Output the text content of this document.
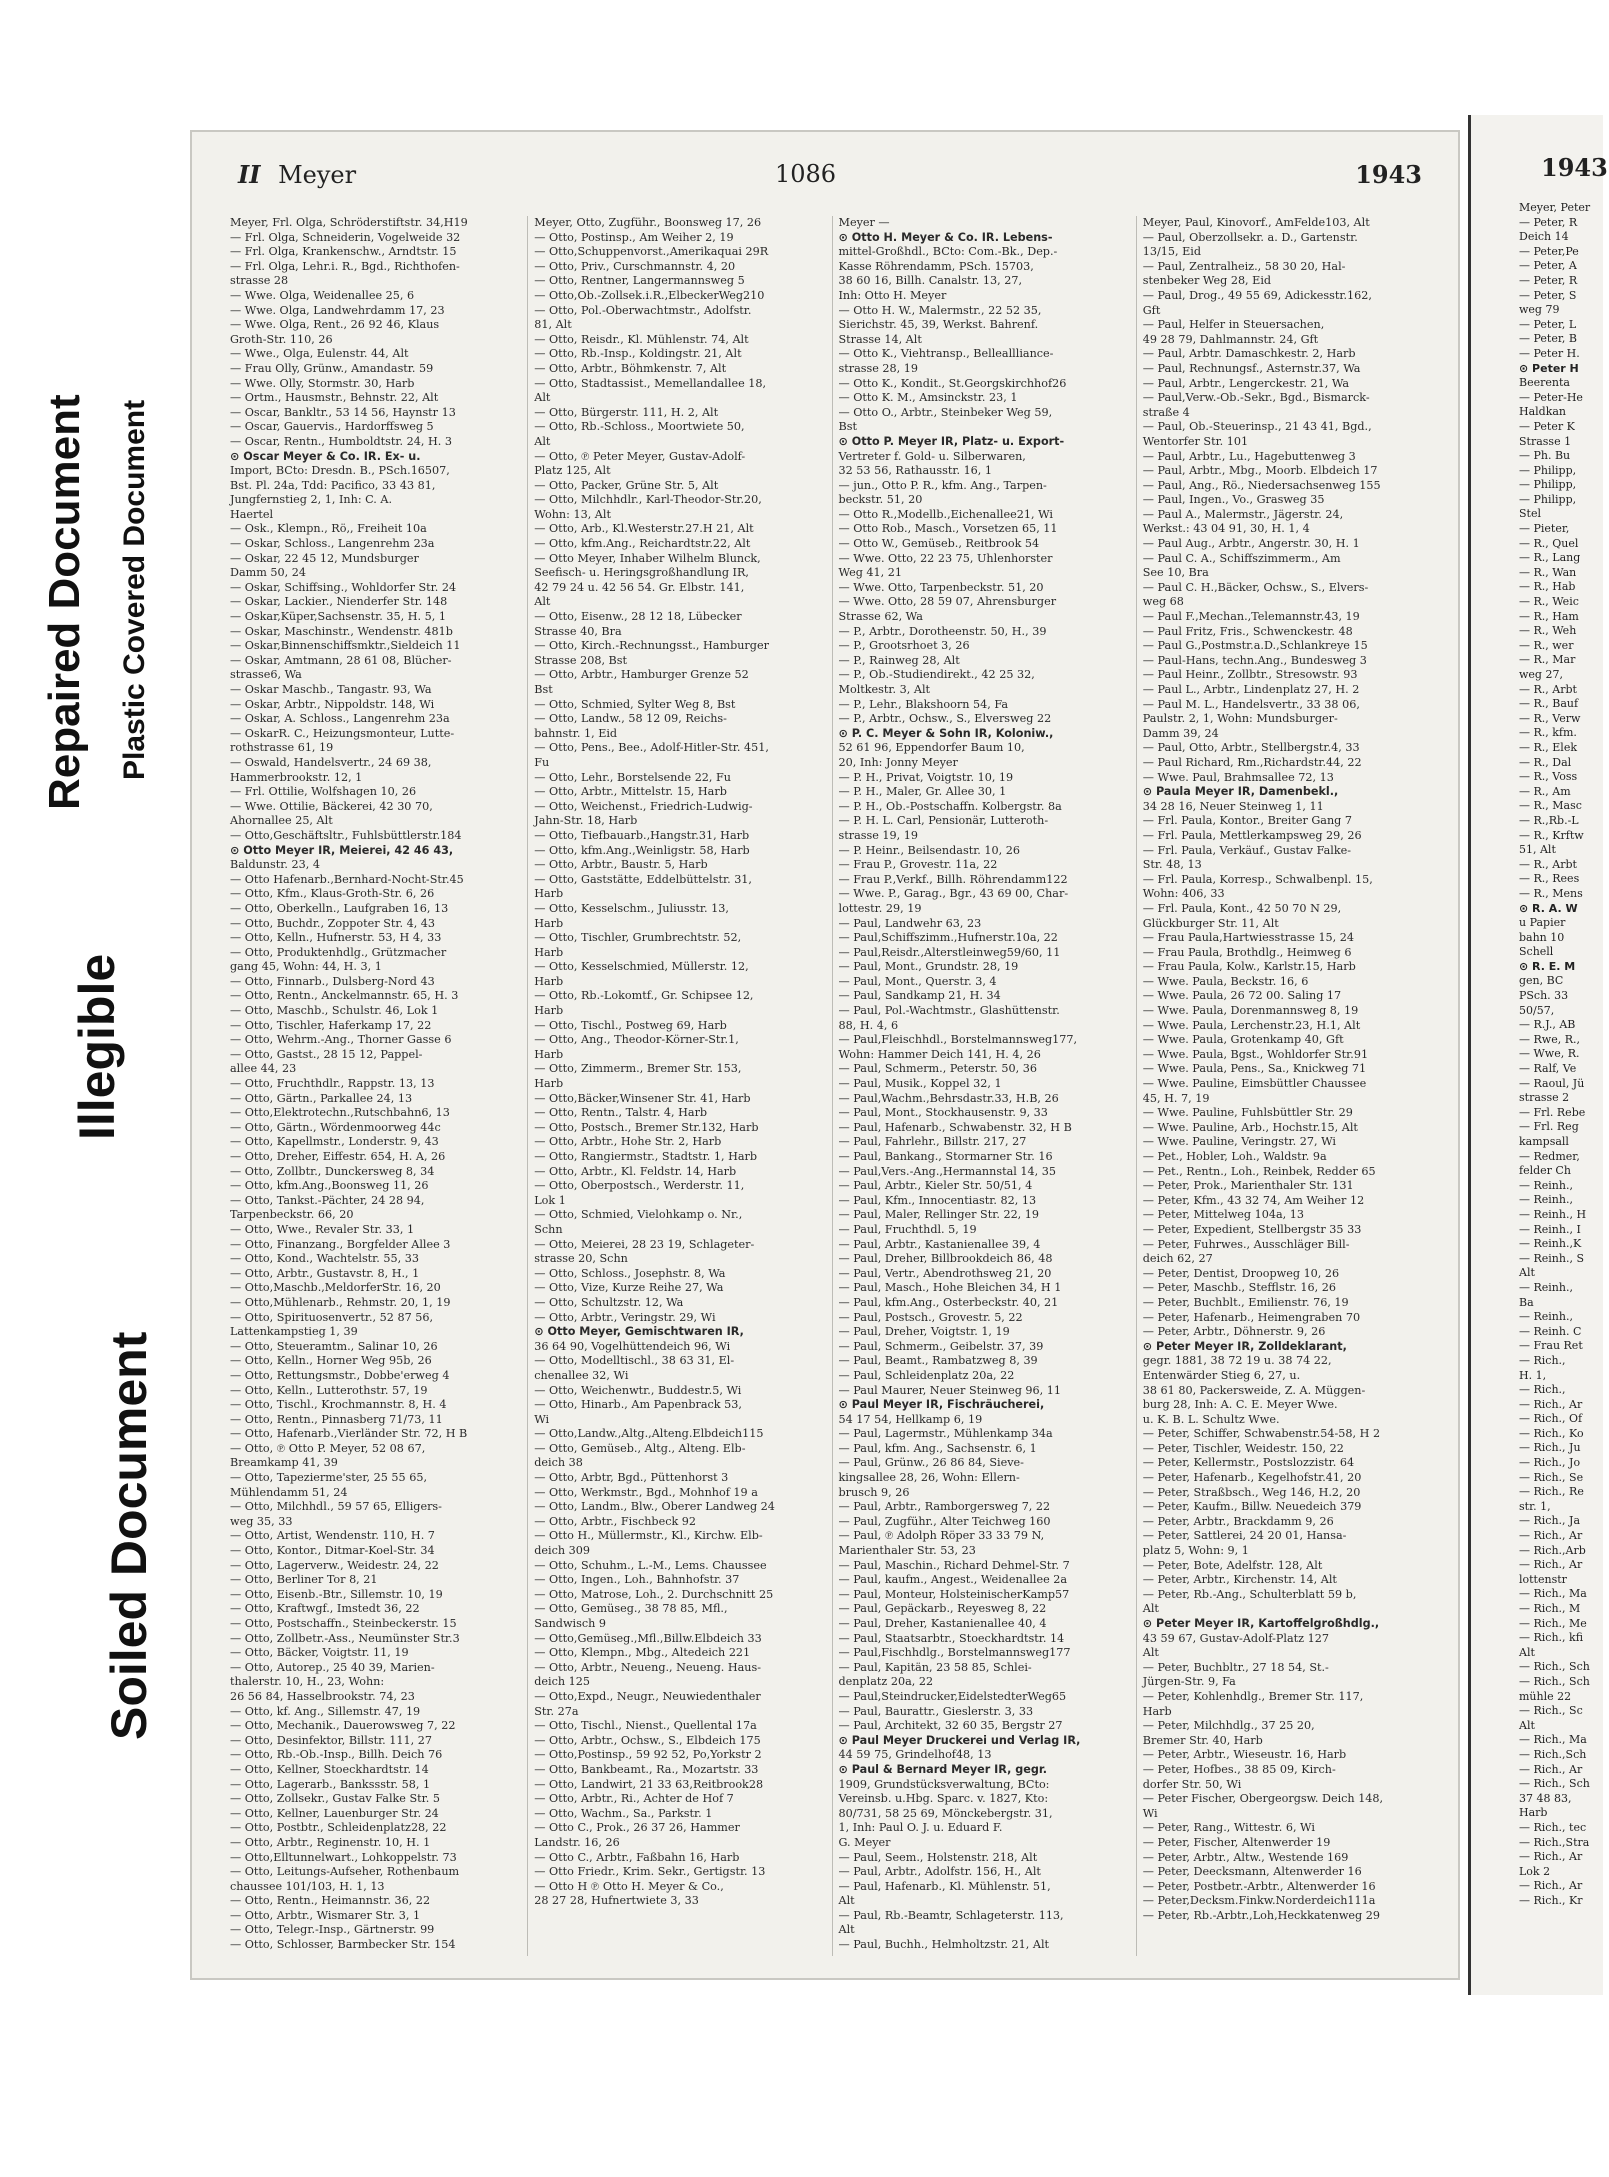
Repaired Document Plastic Covered Document
Illegible
Soiled Document
II Meyer	1086	1943
Meyer, Frl. Olga, Schröderstiftstr. 34,H19
— Frl. Olga, Schneiderin, Vogelweide 32
— Frl. Olga, Krankenschw., Arndtstr. 15
— Frl. Olga, Lehr.i. R., Bgd., Richthofen-
strasse 28
— Wwe. Olga, Weidenallee 25, 6
— Wwe. Olga, Landwehrdamm 17, 23
— Wwe. Olga, Rent., 26 92 46, Klaus
Groth-Str. 110, 26
— Wwe., Olga, Eulenstr. 44, Alt
— Frau Olly, Grünw., Amandastr. 59
— Wwe. Olly, Stormstr. 30, Harb
— Ortm., Hausmstr., Behnstr. 22, Alt
— Oscar, Bankltr., 53 14 56, Haynstr 13
— Oscar, Gauervis., Hardorffsweg 5
— Oscar, Rentn., Humboldtstr. 24, H. 3
⊙ Oscar Meyer & Co. IR. Ex- u.
Import, BCto: Dresdn. B., PSch.16507,
Bst. Pl. 24a, Tdd: Pacifico, 33 43 81,
Jungfernstieg 2, 1, Inh: C. A.
Haertel
— Osk., Klempn., Rö,, Freiheit 10a
— Oskar, Schloss., Langenrehm 23a
— Oskar, 22 45 12, Mundsburger
Damm 50, 24
— Oskar, Schiffsing., Wohldorfer Str. 24
— Oskar, Lackier., Nienderfer Str. 148
— Oskar,Küper,Sachsenstr. 35, H. 5, 1
— Oskar, Maschinstr., Wendenstr. 481b
— Oskar,Binnenschiffsmktr.,Sieldeich 11
— Oskar, Amtmann, 28 61 08, Blücher-
strasse6, Wa
— Oskar Maschb., Tangastr. 93, Wa
— Oskar, Arbtr., Nippoldstr. 148, Wi
— Oskar, A. Schloss., Langenrehm 23a
— OskarR. C., Heizungsmonteur, Lutte-
rothstrasse 61, 19
— Oswald, Handelsvertr., 24 69 38,
Hammerbrookstr. 12, 1
— Frl. Ottilie, Wolfshagen 10, 26
— Wwe. Ottilie, Bäckerei, 42 30 70,
Ahornallee 25, Alt
— Otto,Geschäftsltr., Fuhlsbüttlerstr.184
⊙ Otto Meyer IR, Meierei, 42 46 43,
Baldunstr. 23, 4
— Otto Hafenarb.,Bernhard-Nocht-Str.45
— Otto, Kfm., Klaus-Groth-Str. 6, 26
— Otto, Oberkelln., Laufgraben 16, 13
— Otto, Buchdr., Zoppoter Str. 4, 43
— Otto, Kelln., Hufnerstr. 53, H 4, 33
— Otto, Produktenhdlg., Grützmacher
gang 45, Wohn: 44, H. 3, 1
— Otto, Finnarb., Dulsberg-Nord 43
— Otto, Rentn., Anckelmannstr. 65, H. 3
— Otto, Maschb., Schulstr. 46, Lok 1
— Otto, Tischler, Haferkamp 17, 22
— Otto, Wehrm.-Ang., Thorner Gasse 6
— Otto, Gastst., 28 15 12, Pappel-
allee 44, 23
— Otto, Fruchthdlr., Rappstr. 13, 13
— Otto, Gärtn., Parkallee 24, 13
— Otto,Elektrotechn.,Rutschbahn6, 13
— Otto, Gärtn., Wördenmoorweg 44c
— Otto, Kapellmstr., Londerstr. 9, 43
— Otto, Dreher, Eiffestr. 654, H. A, 26
— Otto, Zollbtr., Dunckersweg 8, 34
— Otto, kfm.Ang.,Boonsweg 11, 26
— Otto, Tankst.-Pächter, 24 28 94,
Tarpenbeckstr. 66, 20
— Otto, Wwe., Revaler Str. 33, 1
— Otto, Finanzang., Borgfelder Allee 3
— Otto, Kond., Wachtelstr. 55, 33
— Otto, Arbtr., Gustavstr. 8, H., 1
— Otto,Maschb.,MeldorferStr. 16, 20
— Otto,Mühlenarb., Rehmstr. 20, 1, 19
— Otto, Spirituosenvertr., 52 87 56,
Lattenkampstieg 1, 39
— Otto, Steueramtm., Salinar 10, 26
— Otto, Kelln., Horner Weg 95b, 26
— Otto, Rettungsmstr., Dobbe'erweg 4
— Otto, Kelln., Lutterothstr. 57, 19
— Otto, Tischl., Krochmannstr. 8, H. 4
— Otto, Rentn., Pinnasberg 71/73, 11
— Otto, Hafenarb.,Vierländer Str. 72, H B
— Otto, ℗ Otto P. Meyer, 52 08 67,
Breamkamp 41, 39
— Otto, Tapezierme'ster, 25 55 65,
Mühlendamm 51, 24
— Otto, Milchhdl., 59 57 65, Elligers-
weg 35, 33
— Otto, Artist, Wendenstr. 110, H. 7
— Otto, Kontor., Ditmar-Koel-Str. 34
— Otto, Lagerverw., Weidestr. 24, 22
— Otto, Berliner Tor 8, 21
— Otto, Eisenb.-Btr., Sillemstr. 10, 19
— Otto, Kraftwgf., Imstedt 36, 22
— Otto, Postschaffn., Steinbeckerstr. 15
— Otto, Zollbetr.-Ass., Neumünster Str.3
— Otto, Bäcker, Voigtstr. 11, 19
— Otto, Autorep., 25 40 39, Marien-
thalerstr. 10, H., 23, Wohn:
26 56 84, Hasselbrookstr. 74, 23
— Otto, kf. Ang., Sillemstr. 47, 19
— Otto, Mechanik., Dauerowsweg 7, 22
— Otto, Desinfektor, Billstr. 111, 27
— Otto, Rb.-Ob.-Insp., Billh. Deich 76
— Otto, Kellner, Stoeckhardtstr. 14
— Otto, Lagerarb., Bankssstr. 58, 1
— Otto, Zollsekr., Gustav Falke Str. 5
— Otto, Kellner, Lauenburger Str. 24
— Otto, Postbtr., Schleidenplatz28, 22
— Otto, Arbtr., Reginenstr. 10, H. 1
— Otto,Elltunnelwart., Lohkoppelstr. 73
— Otto, Leitungs-Aufseher, Rothenbaum
chaussee 101/103, H. 1, 13
— Otto, Rentn., Heimannstr. 36, 22
— Otto, Arbtr., Wismarer Str. 3, 1
— Otto, Telegr.-Insp., Gärtnerstr. 99
— Otto, Schlosser, Barmbecker Str. 154
Meyer, Otto, Zugführ., Boonsweg 17, 26
— Otto, Postinsp., Am Weiher 2, 19
— Otto,Schuppenvorst.,Amerikaquai 29R
— Otto, Priv., Curschmannstr. 4, 20
— Otto, Rentner, Langermannsweg 5
— Otto,Ob.-Zollsek.i.R.,ElbeckerWeg210
— Otto, Pol.-Oberwachtmstr., Adolfstr.
81, Alt
— Otto, Reisdr., Kl. Mühlenstr. 74, Alt
— Otto, Rb.-Insp., Koldingstr. 21, Alt
— Otto, Arbtr., Böhmkenstr. 7, Alt
— Otto, Stadtassist., Memellandallee 18,
Alt
— Otto, Bürgerstr. 111, H. 2, Alt
— Otto, Rb.-Schloss., Moortwiete 50,
Alt
— Otto, ℗ Peter Meyer, Gustav-Adolf-
Platz 125, Alt
— Otto, Packer, Grüne Str. 5, Alt
— Otto, Milchhdlr., Karl-Theodor-Str.20,
Wohn: 13, Alt
— Otto, Arb., Kl.Westerstr.27.H 21, Alt
— Otto, kfm.Ang., Reichardtstr.22, Alt
— Otto Meyer, Inhaber Wilhelm Blunck,
Seefisch- u. Heringsgroßhandlung IR,
42 79 24 u. 42 56 54. Gr. Elbstr. 141,
Alt
— Otto, Eisenw., 28 12 18, Lübecker
Strasse 40, Bra
— Otto, Kirch.-Rechnungsst., Hamburger
Strasse 208, Bst
— Otto, Arbtr., Hamburger Grenze 52
Bst
— Otto, Schmied, Sylter Weg 8, Bst
— Otto, Landw., 58 12 09, Reichs-
bahnstr. 1, Eid
— Otto, Pens., Bee., Adolf-Hitler-Str. 451,
Fu
— Otto, Lehr., Borstelsende 22, Fu
— Otto, Arbtr., Mittelstr. 15, Harb
— Otto, Weichenst., Friedrich-Ludwig-
Jahn-Str. 18, Harb
— Otto, Tiefbauarb.,Hangstr.31, Harb
— Otto, kfm.Ang.,Weinligstr. 58, Harb
— Otto, Arbtr., Baustr. 5, Harb
— Otto, Gaststätte, Eddelbüttelstr. 31,
Harb
— Otto, Kesselschm., Juliusstr. 13,
Harb
— Otto, Tischler, Grumbrechtstr. 52,
Harb
— Otto, Kesselschmied, Müllerstr. 12,
Harb
— Otto, Rb.-Lokomtf., Gr. Schipsee 12,
Harb
— Otto, Tischl., Postweg 69, Harb
— Otto, Ang., Theodor-Körner-Str.1,
Harb
— Otto, Zimmerm., Bremer Str. 153,
Harb
— Otto,Bäcker,Winsener Str. 41, Harb
— Otto, Rentn., Talstr. 4, Harb
— Otto, Postsch., Bremer Str.132, Harb
— Otto, Arbtr., Hohe Str. 2, Harb
— Otto, Rangiermstr., Stadtstr. 1, Harb
— Otto, Arbtr., Kl. Feldstr. 14, Harb
— Otto, Oberpostsch., Werderstr. 11,
Lok 1
— Otto, Schmied, Vielohkamp o. Nr.,
Schn
— Otto, Meierei, 28 23 19, Schlageter-
strasse 20, Schn
— Otto, Schloss., Josephstr. 8, Wa
— Otto, Vize, Kurze Reihe 27, Wa
— Otto, Schultzstr. 12, Wa
— Otto, Arbtr., Veringstr. 29, Wi
⊙ Otto Meyer, Gemischtwaren IR,
36 64 90, Vogelhüttendeich 96, Wi
— Otto, Modelltischl., 38 63 31, El-
chenallee 32, Wi
— Otto, Weichenwtr., Buddestr.5, Wi
— Otto, Hinarb., Am Papenbrack 53,
Wi
— Otto,Landw.,Altg.,Alteng.Elbdeich115
— Otto, Gemüseb., Altg., Alteng. Elb-
deich 38
— Otto, Arbtr, Bgd., Püttenhorst 3
— Otto, Werkmstr., Bgd., Mohnhof 19 a
— Otto, Landm., Blw., Oberer Landweg 24
— Otto, Arbtr., Fischbeck 92
— Otto H., Müllermstr., Kl., Kirchw. Elb-
deich 309
— Otto, Schuhm., L.-M., Lems. Chaussee
— Otto, Ingen., Loh., Bahnhofstr. 37
— Otto, Matrose, Loh., 2. Durchschnitt 25
— Otto, Gemüseg., 38 78 85, Mfl.,
Sandwisch 9
— Otto,Gemüseg.,Mfl.,Billw.Elbdeich 33
— Otto, Klempn., Mbg., Altedeich 221
— Otto, Arbtr., Neueng., Neueng. Haus-
deich 125
— Otto,Expd., Neugr., Neuwiedenthaler
Str. 27a
— Otto, Tischl., Nienst., Quellental 17a
— Otto, Arbtr., Ochsw., S., Elbdeich 175
— Otto,Postinsp., 59 92 52, Po,Yorkstr 2
— Otto, Bankbeamt., Ra., Mozartstr. 33
— Otto, Landwirt, 21 33 63,Reitbrook28
— Otto, Arbtr., Ri., Achter de Hof 7
— Otto, Wachm., Sa., Parkstr. 1
— Otto C., Prok., 26 37 26, Hammer
Landstr. 16, 26
— Otto C., Arbtr., Faßbahn 16, Harb
— Otto Friedr., Krim. Sekr., Gertigstr. 13
— Otto H ℗ Otto H. Meyer & Co.,
28 27 28, Hufnertwiete 3, 33
Meyer —
⊙ Otto H. Meyer & Co. IR. Lebens-
mittel-Großhdl., BCto: Com.-Bk., Dep.-
Kasse Röhrendamm, PSch. 15703,
38 60 16, Billh. Canalstr. 13, 27,
Inh: Otto H. Meyer
— Otto H. W., Malermstr., 22 52 35,
Sierichstr. 45, 39, Werkst. Bahrenf.
Strasse 14, Alt
— Otto K., Viehtransp., Belleallliance-
strasse 28, 19
— Otto K., Kondit., St.Georgskirchhof26
— Otto K. M., Amsinckstr. 23, 1
— Otto O., Arbtr., Steinbeker Weg 59,
Bst
⊙ Otto P. Meyer IR, Platz- u. Export-
Vertreter f. Gold- u. Silberwaren,
32 53 56, Rathausstr. 16, 1
— jun., Otto P. R., kfm. Ang., Tarpen-
beckstr. 51, 20
— Otto R.,Modellb.,Eichenallee21, Wi
— Otto Rob., Masch., Vorsetzen 65, 11
— Otto W., Gemüseb., Reitbrook 54
— Wwe. Otto, 22 23 75, Uhlenhorster
Weg 41, 21
— Wwe. Otto, Tarpenbeckstr. 51, 20
— Wwe. Otto, 28 59 07, Ahrensburger
Strasse 62, Wa
— P., Arbtr., Dorotheenstr. 50, H., 39
— P., Grootsrhoet 3, 26
— P., Rainweg 28, Alt
— P., Ob.-Studiendirekt., 42 25 32,
Moltkestr. 3, Alt
— P., Lehr., Blakshoorn 54, Fa
— P., Arbtr., Ochsw., S., Elversweg 22
⊙ P. C. Meyer & Sohn IR, Koloniw.,
52 61 96, Eppendorfer Baum 10,
20, Inh: Jonny Meyer
— P. H., Privat, Voigtstr. 10, 19
— P. H., Maler, Gr. Allee 30, 1
— P. H., Ob.-Postschaffn. Kolbergstr. 8a
— P. H. L. Carl, Pensionär, Lutteroth-
strasse 19, 19
— P. Heinr., Beilsendastr. 10, 26
— Frau P., Grovestr. 11a, 22
— Frau P.,Verkf., Billh. Röhrendamm122
— Wwe. P., Garag., Bgr., 43 69 00, Char-
lottestr. 29, 19
— Paul, Landwehr 63, 23
— Paul,Schiffszimm.,Hufnerstr.10a, 22
— Paul,Reisdr.,Alterstleinweg59/60, 11
— Paul, Mont., Grundstr. 28, 19
— Paul, Mont., Querstr. 3, 4
— Paul, Sandkamp 21, H. 34
— Paul, Pol.-Wachtmstr., Glashüttenstr.
88, H. 4, 6
— Paul,Fleischhdl., Borstelmannsweg177,
Wohn: Hammer Deich 141, H. 4, 26
— Paul, Schmerm., Peterstr. 50, 36
— Paul, Musik., Koppel 32, 1
— Paul,Wachm.,Behrsdastr.33, H.B, 26
— Paul, Mont., Stockhausenstr. 9, 33
— Paul, Hafenarb., Schwabenstr. 32, H B
— Paul, Fahrlehr., Billstr. 217, 27
— Paul, Bankang., Stormarner Str. 16
— Paul,Vers.-Ang.,Hermannstal 14, 35
— Paul, Arbtr., Kieler Str. 50/51, 4
— Paul, Kfm., Innocentiastr. 82, 13
— Paul, Maler, Rellinger Str. 22, 19
— Paul, Fruchthdl. 5, 19
— Paul, Arbtr., Kastanienallee 39, 4
— Paul, Dreher, Billbrookdeich 86, 48
— Paul, Vertr., Abendrothsweg 21, 20
— Paul, Masch., Hohe Bleichen 34, H 1
— Paul, kfm.Ang., Osterbeckstr. 40, 21
— Paul, Postsch., Grovestr. 5, 22
— Paul, Dreher, Voigtstr. 1, 19
— Paul, Schmerm., Geibelstr. 37, 39
— Paul, Beamt., Rambatzweg 8, 39
— Paul, Schleidenplatz 20a, 22
— Paul Maurer, Neuer Steinweg 96, 11
⊙ Paul Meyer IR, Fischräucherei,
54 17 54, Hellkamp 6, 19
— Paul, Lagermstr., Mühlenkamp 34a
— Paul, kfm. Ang., Sachsenstr. 6, 1
— Paul, Grünw., 26 86 84, Sieve-
kingsallee 28, 26, Wohn: Ellern-
brusch 9, 26
— Paul, Arbtr., Ramborgersweg 7, 22
— Paul, Zugführ., Alter Teichweg 160
— Paul, ℗ Adolph Röper 33 33 79 N,
Marienthaler Str. 53, 23
— Paul, Maschin., Richard Dehmel-Str. 7
— Paul, kaufm., Angest., Weidenallee 2a
— Paul, Monteur, HolsteinischerKamp57
— Paul, Gepäckarb., Reyesweg 8, 22
— Paul, Dreher, Kastanienallee 40, 4
— Paul, Staatsarbtr., Stoeckhardtstr. 14
— Paul,Fischhdlg., Borstelmannsweg177
— Paul, Kapitän, 23 58 85, Schlei-
denplatz 20a, 22
— Paul,Steindrucker,EidelstedterWeg65
— Paul, Baurattr., Gieslerstr. 3, 33
— Paul, Architekt, 32 60 35, Bergstr 27
⊙ Paul Meyer Druckerei und Verlag IR,
44 59 75, Grindelhof48, 13
⊙ Paul & Bernard Meyer IR, gegr.
1909, Grundstücksverwaltung, BCto:
Vereinsb. u.Hbg. Sparc. v. 1827, Kto:
80/731, 58 25 69, Mönckebergstr. 31,
1, Inh: Paul O. J. u. Eduard F.
G. Meyer
— Paul, Seem., Holstenstr. 218, Alt
— Paul, Arbtr., Adolfstr. 156, H., Alt
— Paul, Hafenarb., Kl. Mühlenstr. 51,
Alt
— Paul, Rb.-Beamtr, Schlageterstr. 113,
Alt
— Paul, Buchh., Helmholtzstr. 21, Alt
Meyer, Paul, Kinovorf., AmFelde103, Alt
— Paul, Oberzollsekr. a. D., Gartenstr.
13/15, Eid
— Paul, Zentralheiz., 58 30 20, Hal-
stenbeker Weg 28, Eid
— Paul, Drog., 49 55 69, Adickesstr.162,
Gft
— Paul, Helfer in Steuersachen,
49 28 79, Dahlmannstr. 24, Gft
— Paul, Arbtr. Damaschkestr. 2, Harb
— Paul, Rechnungsf., Asternstr.37, Wa
— Paul, Arbtr., Lengerckestr. 21, Wa
— Paul,Verw.-Ob.-Sekr., Bgd., Bismarck-
straße 4
— Paul, Ob.-Steuerinsp., 21 43 41, Bgd.,
Wentorfer Str. 101
— Paul, Arbtr., Lu., Hagebuttenweg 3
— Paul, Arbtr., Mbg., Moorb. Elbdeich 17
— Paul, Ang., Rö., Niedersachsenweg 155
— Paul, Ingen., Vo., Grasweg 35
— Paul A., Malermstr., Jägerstr. 24,
Werkst.: 43 04 91, 30, H. 1, 4
— Paul Aug., Arbtr., Angerstr. 30, H. 1
— Paul C. A., Schiffszimmerm., Am
See 10, Bra
— Paul C. H.,Bäcker, Ochsw., S., Elvers-
weg 68
— Paul F.,Mechan.,Telemannstr.43, 19
— Paul Fritz, Fris., Schwenckestr. 48
— Paul G.,Postmstr.a.D.,Schlankreye 15
— Paul-Hans, techn.Ang., Bundesweg 3
— Paul Heinr., Zollbtr., Stresowstr. 93
— Paul L., Arbtr., Lindenplatz 27, H. 2
— Paul M. L., Handelsvertr., 33 38 06,
Paulstr. 2, 1, Wohn: Mundsburger-
Damm 39, 24
— Paul, Otto, Arbtr., Stellbergstr.4, 33
— Paul Richard, Rm.,Richardstr.44, 22
— Wwe. Paul, Brahmsallee 72, 13
⊙ Paula Meyer IR, Damenbekl.,
34 28 16, Neuer Steinweg 1, 11
— Frl. Paula, Kontor., Breiter Gang 7
— Frl. Paula, Mettlerkampsweg 29, 26
— Frl. Paula, Verkäuf., Gustav Falke-
Str. 48, 13
— Frl. Paula, Korresp., Schwalbenpl. 15,
Wohn: 406, 33
— Frl. Paula, Kont., 42 50 70 N 29,
Glückburger Str. 11, Alt
— Frau Paula,Hartwiesstrasse 15, 24
— Frau Paula, Brothdlg., Heimweg 6
— Frau Paula, Kolw., Karlstr.15, Harb
— Wwe. Paula, Beckstr. 16, 6
— Wwe. Paula, 26 72 00. Saling 17
— Wwe. Paula, Dorenmannsweg 8, 19
— Wwe. Paula, Lerchenstr.23, H.1, Alt
— Wwe. Paula, Grotenkamp 40, Gft
— Wwe. Paula, Bgst., Wohldorfer Str.91
— Wwe. Paula, Pens., Sa., Knickweg 71
— Wwe. Pauline, Eimsbüttler Chaussee
45, H. 7, 19
— Wwe. Pauline, Fuhlsbüttler Str. 29
— Wwe. Pauline, Arb., Hochstr.15, Alt
— Wwe. Pauline, Veringstr. 27, Wi
— Pet., Hobler, Loh., Waldstr. 9a
— Pet., Rentn., Loh., Reinbek, Redder 65
— Peter, Prok., Marienthaler Str. 131
— Peter, Kfm., 43 32 74, Am Weiher 12
— Peter, Mittelweg 104a, 13
— Peter, Expedient, Stellbergstr 35 33
— Peter, Fuhrwes., Ausschläger Bill-
deich 62, 27
— Peter, Dentist, Droopweg 10, 26
— Peter, Maschb., Stefflstr. 16, 26
— Peter, Buchblt., Emilienstr. 76, 19
— Peter, Hafenarb., Heimengraben 70
— Peter, Arbtr., Döhnerstr. 9, 26
⊙ Peter Meyer IR, Zolldeklarant,
gegr. 1881, 38 72 19 u. 38 74 22,
Entenwärder Stieg 6, 27, u.
38 61 80, Packersweide, Z. A. Müggen-
burg 28, Inh: A. C. E. Meyer Wwe.
u. K. B. L. Schultz Wwe.
— Peter, Schiffer, Schwabenstr.54-58, H 2
— Peter, Tischler, Weidestr. 150, 22
— Peter, Kellermstr., Postslozzistr. 64
— Peter, Hafenarb., Kegelhofstr.41, 20
— Peter, Straßbsch., Weg 146, H.2, 20
— Peter, Kaufm., Billw. Neuedeich 379
— Peter, Arbtr., Brackdamm 9, 26
— Peter, Sattlerei, 24 20 01, Hansa-
platz 5, Wohn: 9, 1
— Peter, Bote, Adelfstr. 128, Alt
— Peter, Arbtr., Kirchenstr. 14, Alt
— Peter, Rb.-Ang., Schulterblatt 59 b,
Alt
⊙ Peter Meyer IR, Kartoffelgroßhdlg.,
43 59 67, Gustav-Adolf-Platz 127
Alt
— Peter, Buchbltr., 27 18 54, St.-
Jürgen-Str. 9, Fa
— Peter, Kohlenhdlg., Bremer Str. 117,
Harb
— Peter, Milchhdlg., 37 25 20,
Bremer Str. 40, Harb
— Peter, Arbtr., Wieseustr. 16, Harb
— Peter, Hofbes., 38 85 09, Kirch-
dorfer Str. 50, Wi
— Peter Fischer, Obergeorgsw. Deich 148,
Wi
— Peter, Rang., Wittestr. 6, Wi
— Peter, Fischer, Altenwerder 19
— Peter, Arbtr., Altw., Westende 169
— Peter, Deecksmann, Altenwerder 16
— Peter, Postbetr.-Arbtr., Altenwerder 16
— Peter,Decksm.Finkw.Norderdeich111a
— Peter, Rb.-Arbtr.,Loh,Heckkatenweg 29
1943
Meyer, Peter
— Peter, R
Deich 14
— Peter,Pe
— Peter, A
— Peter, R
— Peter, S
weg 79
— Peter, L
— Peter, B
— Peter H.
⊙ Peter H
Beerenta
— Peter-He
Haldkan
— Peter K
Strasse 1
— Ph. Bu
— Philipp,
— Philipp,
— Philipp,
Stel
— Pieter,
— R., Quel
— R., Lang
— R., Wan
— R., Hab
— R., Weic
— R., Ham
— R., Weh
— R., wer
— R., Mar
weg 27,
— R., Arbt
— R., Bauf
— R., Verw
— R., kfm.
— R., Elek
— R., Dal
— R., Voss
— R., Am
— R., Masc
— R.,Rb.-L
— R., Krftw
51, Alt
— R., Arbt
— R., Rees
— R., Mens
⊙ R. A. W
u Papier
bahn 10
Schell
⊙ R. E. M
gen, BC
PSch. 33
50/57,
— R.J., AB
— Rwe, R.,
— Wwe, R.
— Ralf, Ve
— Raoul, Jü
strasse 2
— Frl. Rebe
— Frl. Reg
kampsall
— Redmer,
felder Ch
— Reinh.,
— Reinh.,
— Reinh., H
— Reinh., I
— Reinh.,K
— Reinh., S
Alt
— Reinh.,
Ba
— Reinh.,
— Reinh. C
— Frau Ret
— Rich.,
H. 1,
— Rich.,
— Rich., Ar
— Rich., Of
— Rich., Ko
— Rich., Ju
— Rich., Jo
— Rich., Se
— Rich., Re
str. 1,
— Rich., Ja
— Rich., Ar
— Rich.,Arb
— Rich., Ar
lottenstr
— Rich., Ma
— Rich., M
— Rich., Me
— Rich., kfi
Alt
— Rich., Sch
— Rich., Sch
mühle 22
— Rich., Sc
Alt
— Rich., Ma
— Rich.,Sch
— Rich., Ar
— Rich., Sch
37 48 83,
Harb
— Rich., tec
— Rich.,Stra
— Rich., Ar
Lok 2
— Rich., Ar
— Rich., Kr
